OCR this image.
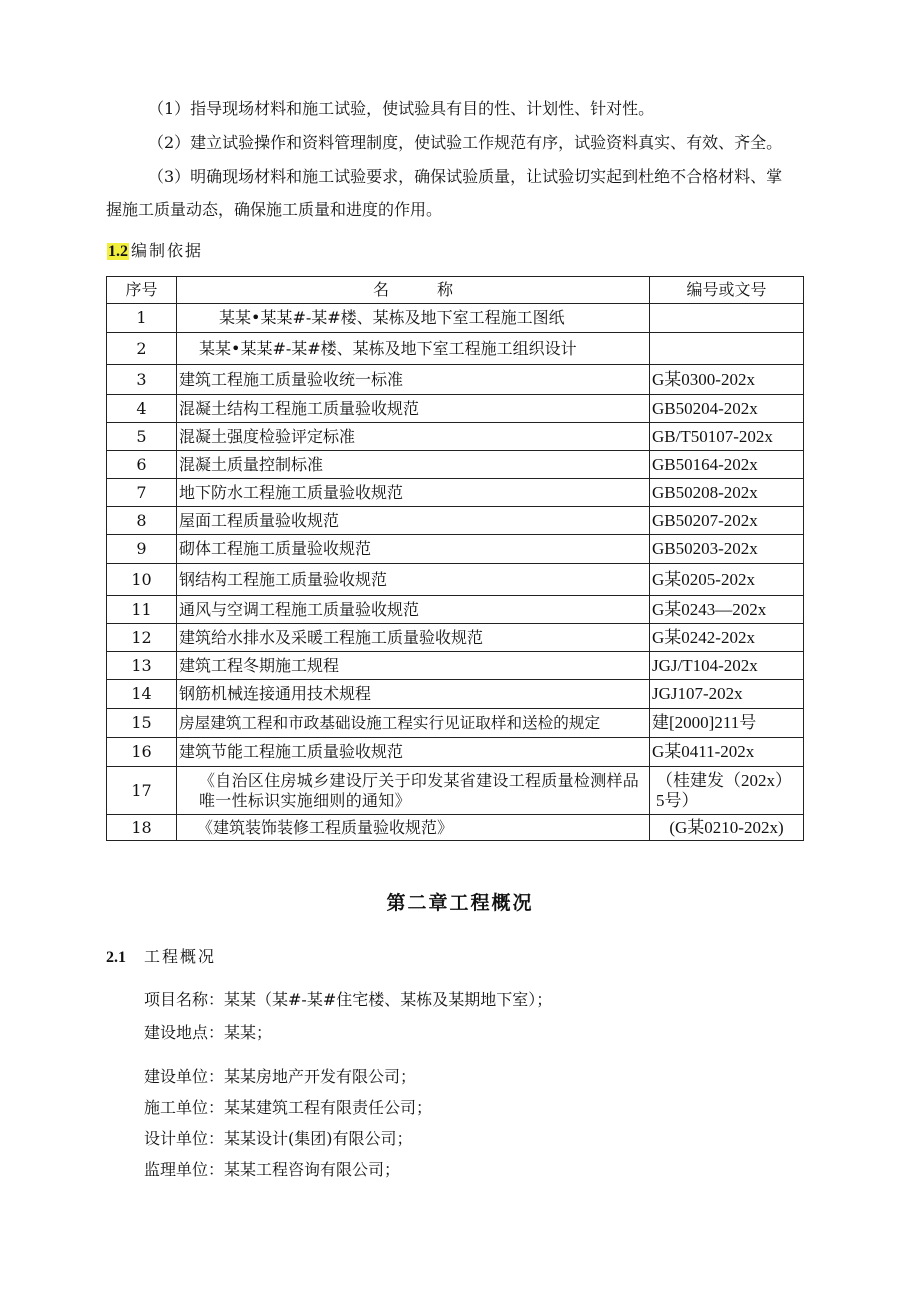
（1）指导现场材料和施工试验，使试验具有目的性、计划性、针对性。
（2）建立试验操作和资料管理制度，使试验工作规范有序，试验资料真实、有效、齐全。
（3）明确现场材料和施工试验要求，确保试验质量，让试验切实起到杜绝不合格材料、掌
握施工质量动态，确保施工质量和进度的作用。
1.2 编制依据
序号	名　　　称	编号或文号
1	某某•某某#-某#楼、某栋及地下室工程施工图纸	
2	某某•某某#-某#楼、某栋及地下室工程施工组织设计	
3	建筑工程施工质量验收统一标准	G某0300-202x
4	混凝土结构工程施工质量验收规范	GB50204-202x
5	混凝土强度检验评定标准	GB/T50107-202x
6	混凝土质量控制标准	GB50164-202x
7	地下防水工程施工质量验收规范	GB50208-202x
8	屋面工程质量验收规范	GB50207-202x
9	砌体工程施工质量验收规范	GB50203-202x
10	钢结构工程施工质量验收规范	G某0205-202x
11	通风与空调工程施工质量验收规范	G某0243—202x
12	建筑给水排水及采暖工程施工质量验收规范	G某0242-202x
13	建筑工程冬期施工规程	JGJ/T104-202x
14	钢筋机械连接通用技术规程	JGJ107-202x
15	房屋建筑工程和市政基础设施工程实行见证取样和送检的规定	建[2000]211号
16	建筑节能工程施工质量验收规范	G某0411-202x
17	《自治区住房城乡建设厅关于印发某省建设工程质量检测样品唯一性标识实施细则的通知》	（桂建发（202x）5号）
18	《建筑装饰装修工程质量验收规范》	(G某0210-202x)
第二章工程概况
2.1 工程概况
项目名称：某某（某#-某#住宅楼、某栋及某期地下室）；
建设地点：某某；
建设单位：某某房地产开发有限公司；
施工单位：某某建筑工程有限责任公司；
设计单位：某某设计(集团)有限公司；
监理单位：某某工程咨询有限公司；
